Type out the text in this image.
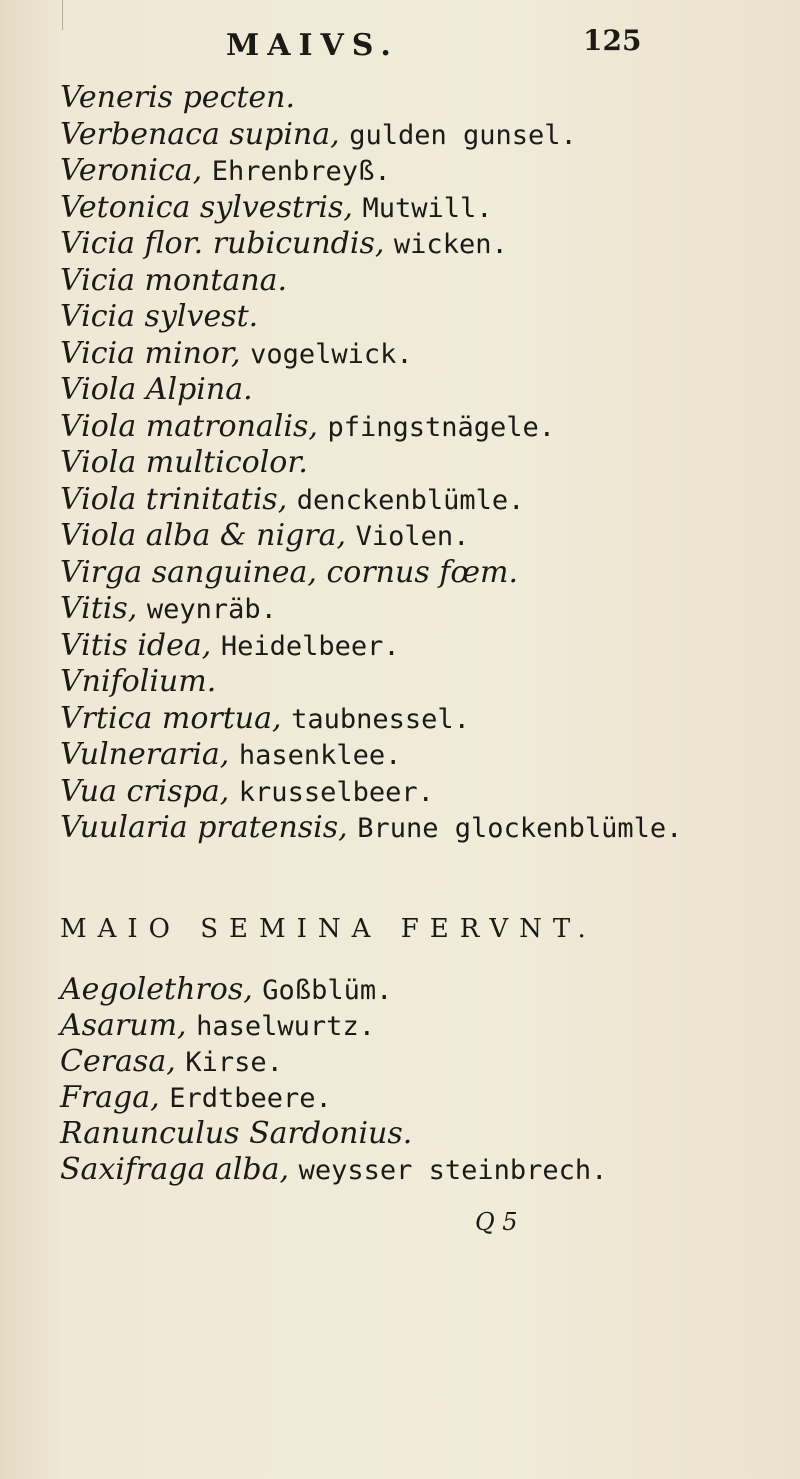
MAIVS.	125
Veneris pecten.
Verbenaca supina, gulden gunsel.
Veronica, Ehrenbreyß.
Vetonica sylvestris, Mutwill.
Vicia flor. rubicundis, wicken.
Vicia montana.
Vicia sylvest.
Vicia minor, vogelwick.
Viola Alpina.
Viola matronalis, pfingstnägele.
Viola multicolor.
Viola trinitatis, denckenblümle.
Viola alba & nigra, Violen.
Virga sanguinea, cornus fœm.
Vitis, weynräb.
Vitis idea, Heidelbeer.
Vnifolium.
Vrtica mortua, taubnessel.
Vulneraria, hasenklee.
Vua crispa, krusselbeer.
Vuularia pratensis, Brune glockenblümle.
MAIO SEMINA FERVNT.
Aegolethros, Goßblüm.
Asarum, haselwurtz.
Cerasa, Kirse.
Fraga, Erdtbeere.
Ranunculus Sardonius.
Saxifraga alba, weysser steinbrech.
Q 5
